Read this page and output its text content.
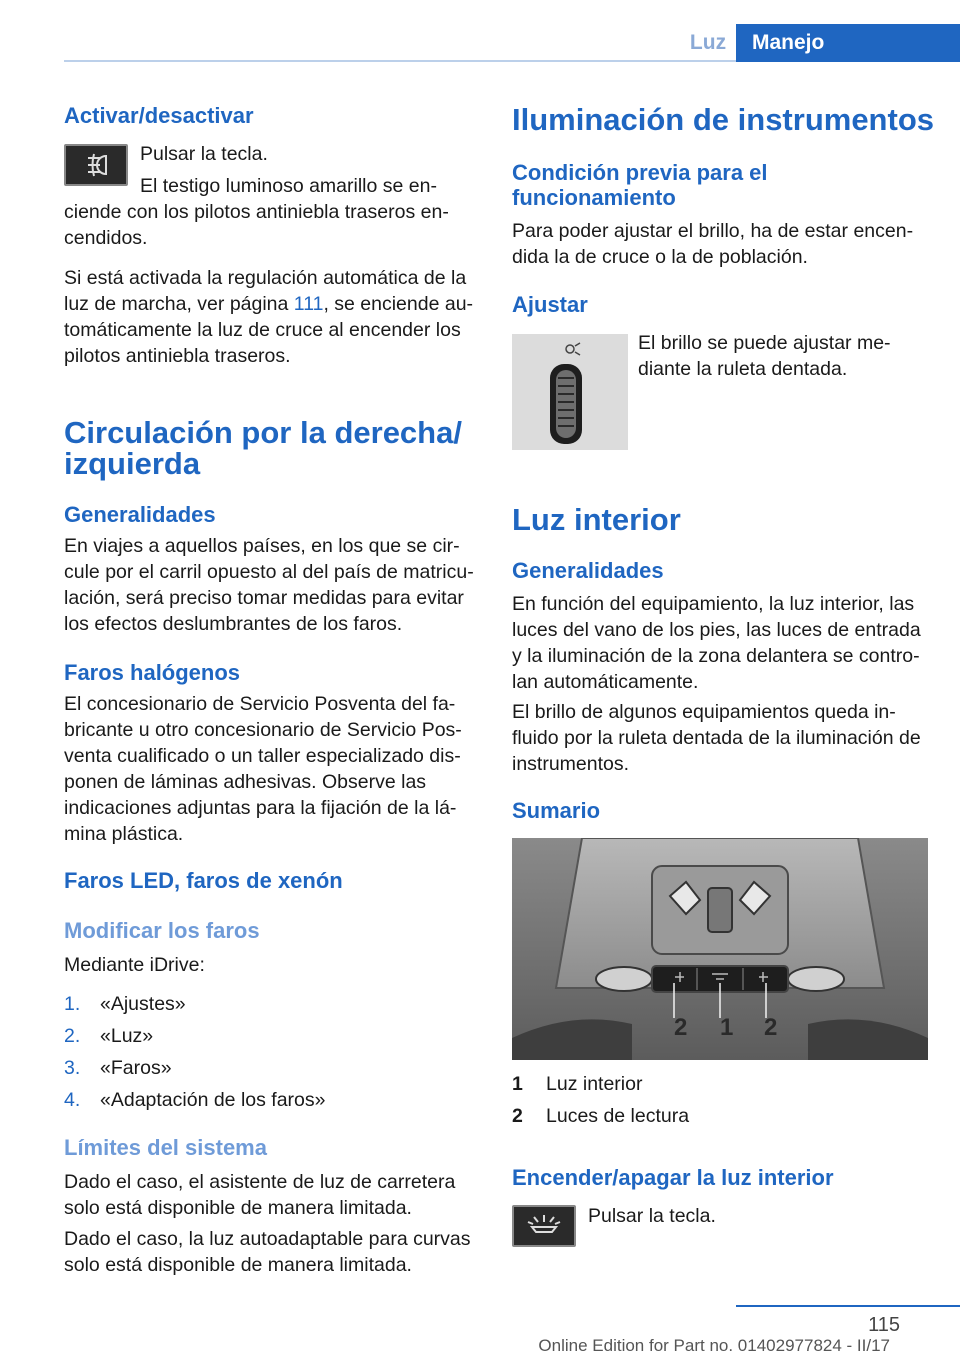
Luz	Manejo
Activar/desactivar

Pulsar la tecla.

El testigo luminoso amarillo se en-

ciende con los pilotos antiniebla traseros en-

cendidos.

Si está activada la regulación automática de la

luz de marcha, ver página 111, se enciende au-

tomáticamente la luz de cruce al encender los

pilotos antiniebla traseros.

Circulación por la derecha/
izquierda
Generalidades

En viajes a aquellos países, en los que se cir-

cule por el carril opuesto al del país de matricu-

lación, será preciso tomar medidas para evitar

los efectos deslumbrantes de los faros.

Faros halógenos

El concesionario de Servicio Posventa del fa-

bricante u otro concesionario de Servicio Pos-

venta cualificado o un taller especializado dis-

ponen de láminas adhesivas. Observe las

indicaciones adjuntas para la fijación de la lá-

mina plástica.

Faros LED, faros de xenón
Modificar los faros

Mediante iDrive:

1. «Ajustes»
2. «Luz»
3. «Faros»
4. «Adaptación de los faros»
Límites del sistema

Dado el caso, el asistente de luz de carretera

solo está disponible de manera limitada.

Dado el caso, la luz autoadaptable para curvas

solo está disponible de manera limitada.

Iluminación de instrumentos
Condición previa para el
funcionamiento

Para poder ajustar el brillo, ha de estar encen-

dida la de cruce o la de población.

Ajustar

El brillo se puede ajustar me-

diante la ruleta dentada.

Luz interior
Generalidades

En función del equipamiento, la luz interior, las

luces del vano de los pies, las luces de entrada

y la iluminación de la zona delantera se contro-

lan automáticamente.

El brillo de algunos equipamientos queda in-

fluido por la ruleta dentada de la iluminación de

instrumentos.

Sumario
2 1 2
1 Luz interior
2 Luces de lectura
Encender/apagar la luz interior

Pulsar la tecla.

115
Online Edition for Part no. 01402977824 - II/17
